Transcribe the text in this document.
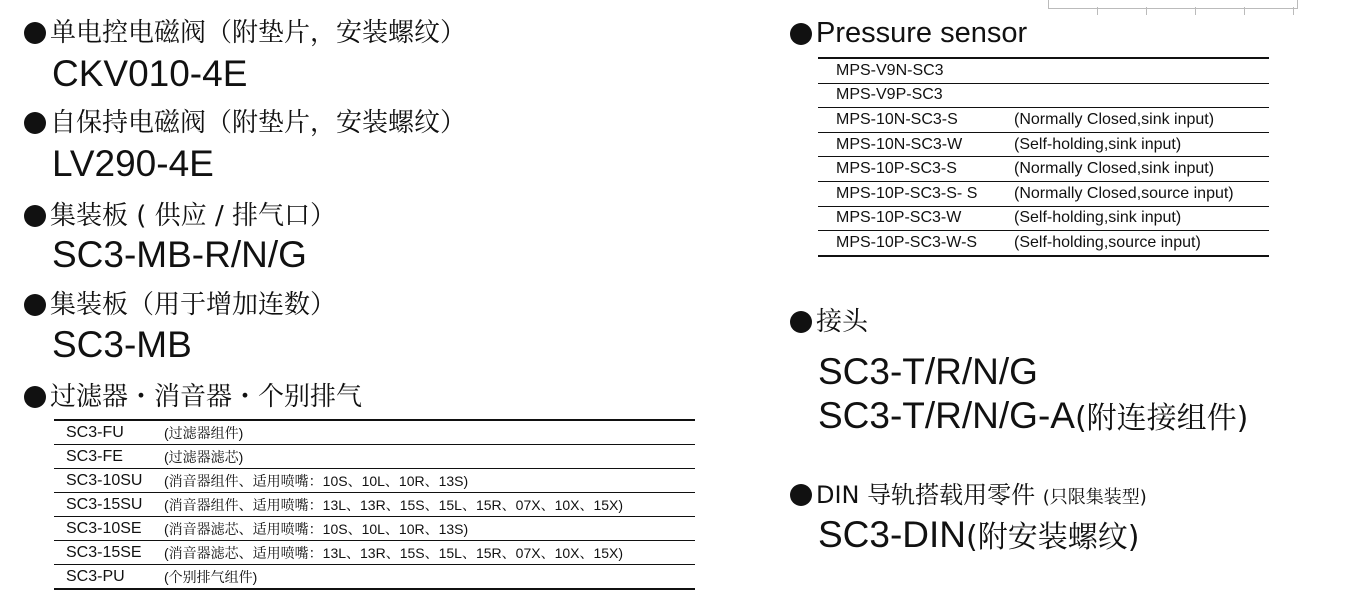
单电控电磁阀（附垫片，安装螺纹）
CKV010-4E
自保持电磁阀（附垫片，安装螺纹）
LV290-4E
集装板 ( 供应 / 排气口）
SC3-MB-R/N/G
集装板（用于增加连数）
SC3-MB
过滤器・消音器・个别排气
SC3-FU	(过滤器组件)
SC3-FE	(过滤器滤芯)
SC3-10SU	(消音器组件、适用喷嘴：10S、10L、10R、13S)
SC3-15SU	(消音器组件、适用喷嘴：13L、13R、15S、15L、15R、07X、10X、15X)
SC3-10SE	(消音器滤芯、适用喷嘴：10S、10L、10R、13S)
SC3-15SE	(消音器滤芯、适用喷嘴：13L、13R、15S、15L、15R、07X、10X、15X)
SC3-PU	(个别排气组件)
Pressure sensor
MPS-V9N-SC3	
MPS-V9P-SC3	
MPS-10N-SC3-S	(Normally Closed,sink input)
MPS-10N-SC3-W	(Self-holding,sink input)
MPS-10P-SC3-S	(Normally Closed,sink input)
MPS-10P-SC3-S- S	(Normally Closed,source input)
MPS-10P-SC3-W	(Self-holding,sink input)
MPS-10P-SC3-W-S	(Self-holding,source input)
接头
SC3-T/R/N/G
SC3-T/R/N/G-A(附连接组件)
DIN 导轨搭载用零件 (只限集装型)
SC3-DIN(附安装螺纹)
